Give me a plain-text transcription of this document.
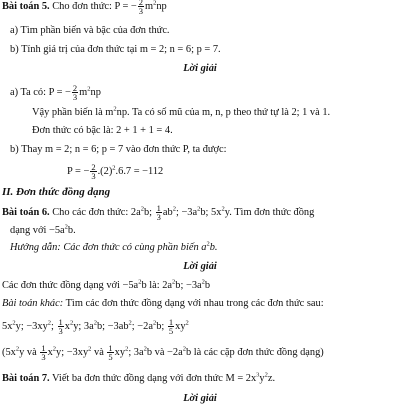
Bài toán 5. Cho đơn thức: P = − $\frac{2}{3} m^2np$
a) Tìm phần biến và bậc của đơn thức.
b) Tính giá trị của đơn thức tại m = 2; n = 6; p = 7.
Lời giải
a) Ta có: P = − $\frac{2}{3} m^2np$
Vậy phần biến là $m^2np$. Ta có số mũ của m, n, p theo thứ tự là 2; 1 và 1.
Đơn thức có bậc là: 2 + 1 + 1 = 4.
b) Thay m = 2; n = 6; p = 7 vào đơn thức P, ta được:
P = − $\frac{2}{3} .(2)^2.6.7 = -112$
II. Đơn thức đồng dạng
Bài toán 6. Cho các đơn thức: $2a^2b$; $\frac{1}{3} ab^2$; $-3a^2b$; $5x^2y$. Tìm đơn thức đồng
dạng với $-5a^2b$.
Hướng dẫn: Các đơn thức có cùng phần biến $a^2b$.
Lời giải
Các đơn thức đồng dạng với $-5a^2b$ là: $2a^2b$; $-3a^2b$
Bài toán khác: Tìm các đơn thức đồng dạng với nhau trong các đơn thức sau:
$5x^2y$; $-3xy^2$; $\frac{1}{3} x^2y$; $3a^2b$; $-3ab^2$; $-2a^2b$; $\frac{1}{5} xy^2$
($5x^2y$ và $\frac{1}{3} x^2y$; $-3xy^2$ và $\frac{1}{5} xy^2$; $3a^2b$ và $-2a^2b$ là các cặp đơn thức đồng dạng)
Bài toán 7. Viết ba đơn thức đồng dạng với đơn thức $M = 2x^3y^2z$.
Lời giải
